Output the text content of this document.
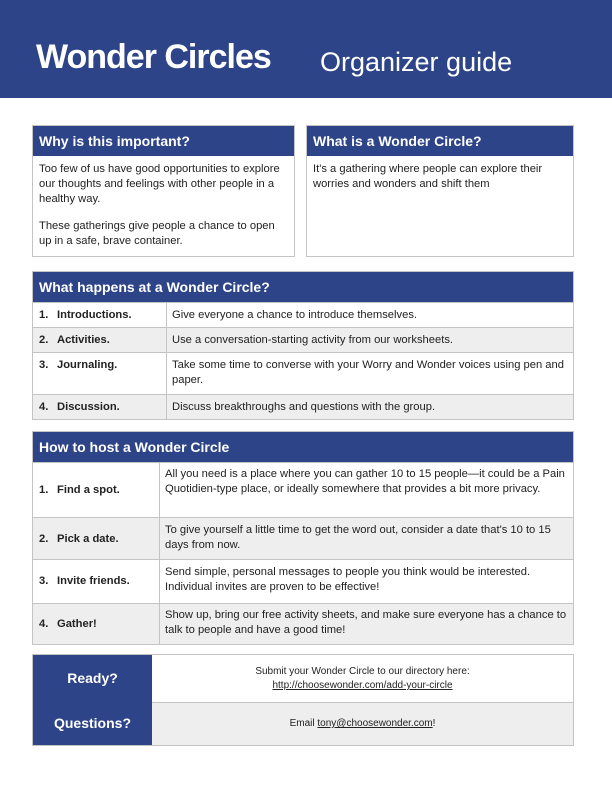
Wonder Circles Organizer guide
Why is this important?

Too few of us have good opportunities to explore our thoughts and feelings with other people in a healthy way.

These gatherings give people a chance to open up in a safe, brave container.

What is a Wonder Circle?
It's a gathering where people can explore their worries and wonders and shift them
What happens at a Wonder Circle?
1. Introductions.	Give everyone a chance to introduce themselves.
2. Activities.	Use a conversation-starting activity from our worksheets.
3. Journaling.	Take some time to converse with your Worry and Wonder voices using pen and paper.
4. Discussion.	Discuss breakthroughs and questions with the group.
How to host a Wonder Circle
1. Find a spot.
All you need is a place where you can gather 10 to 15 people—it could be a Pain Quotidien-type place, or ideally somewhere that provides a bit more privacy.
2. Pick a date.
To give yourself a little time to get the word out, consider a date that's 10 to 15 days from now.
3. Invite friends.
Send simple, personal messages to people you think would be interested. Individual invites are proven to be effective!
4. Gather!
Show up, bring our free activity sheets, and make sure everyone has a chance to talk to people and have a good time!
Ready?	Submit your Wonder Circle to our directory here:
http://choosewonder.com/add-your-circle
Questions?	Email tony@choosewonder.com!
